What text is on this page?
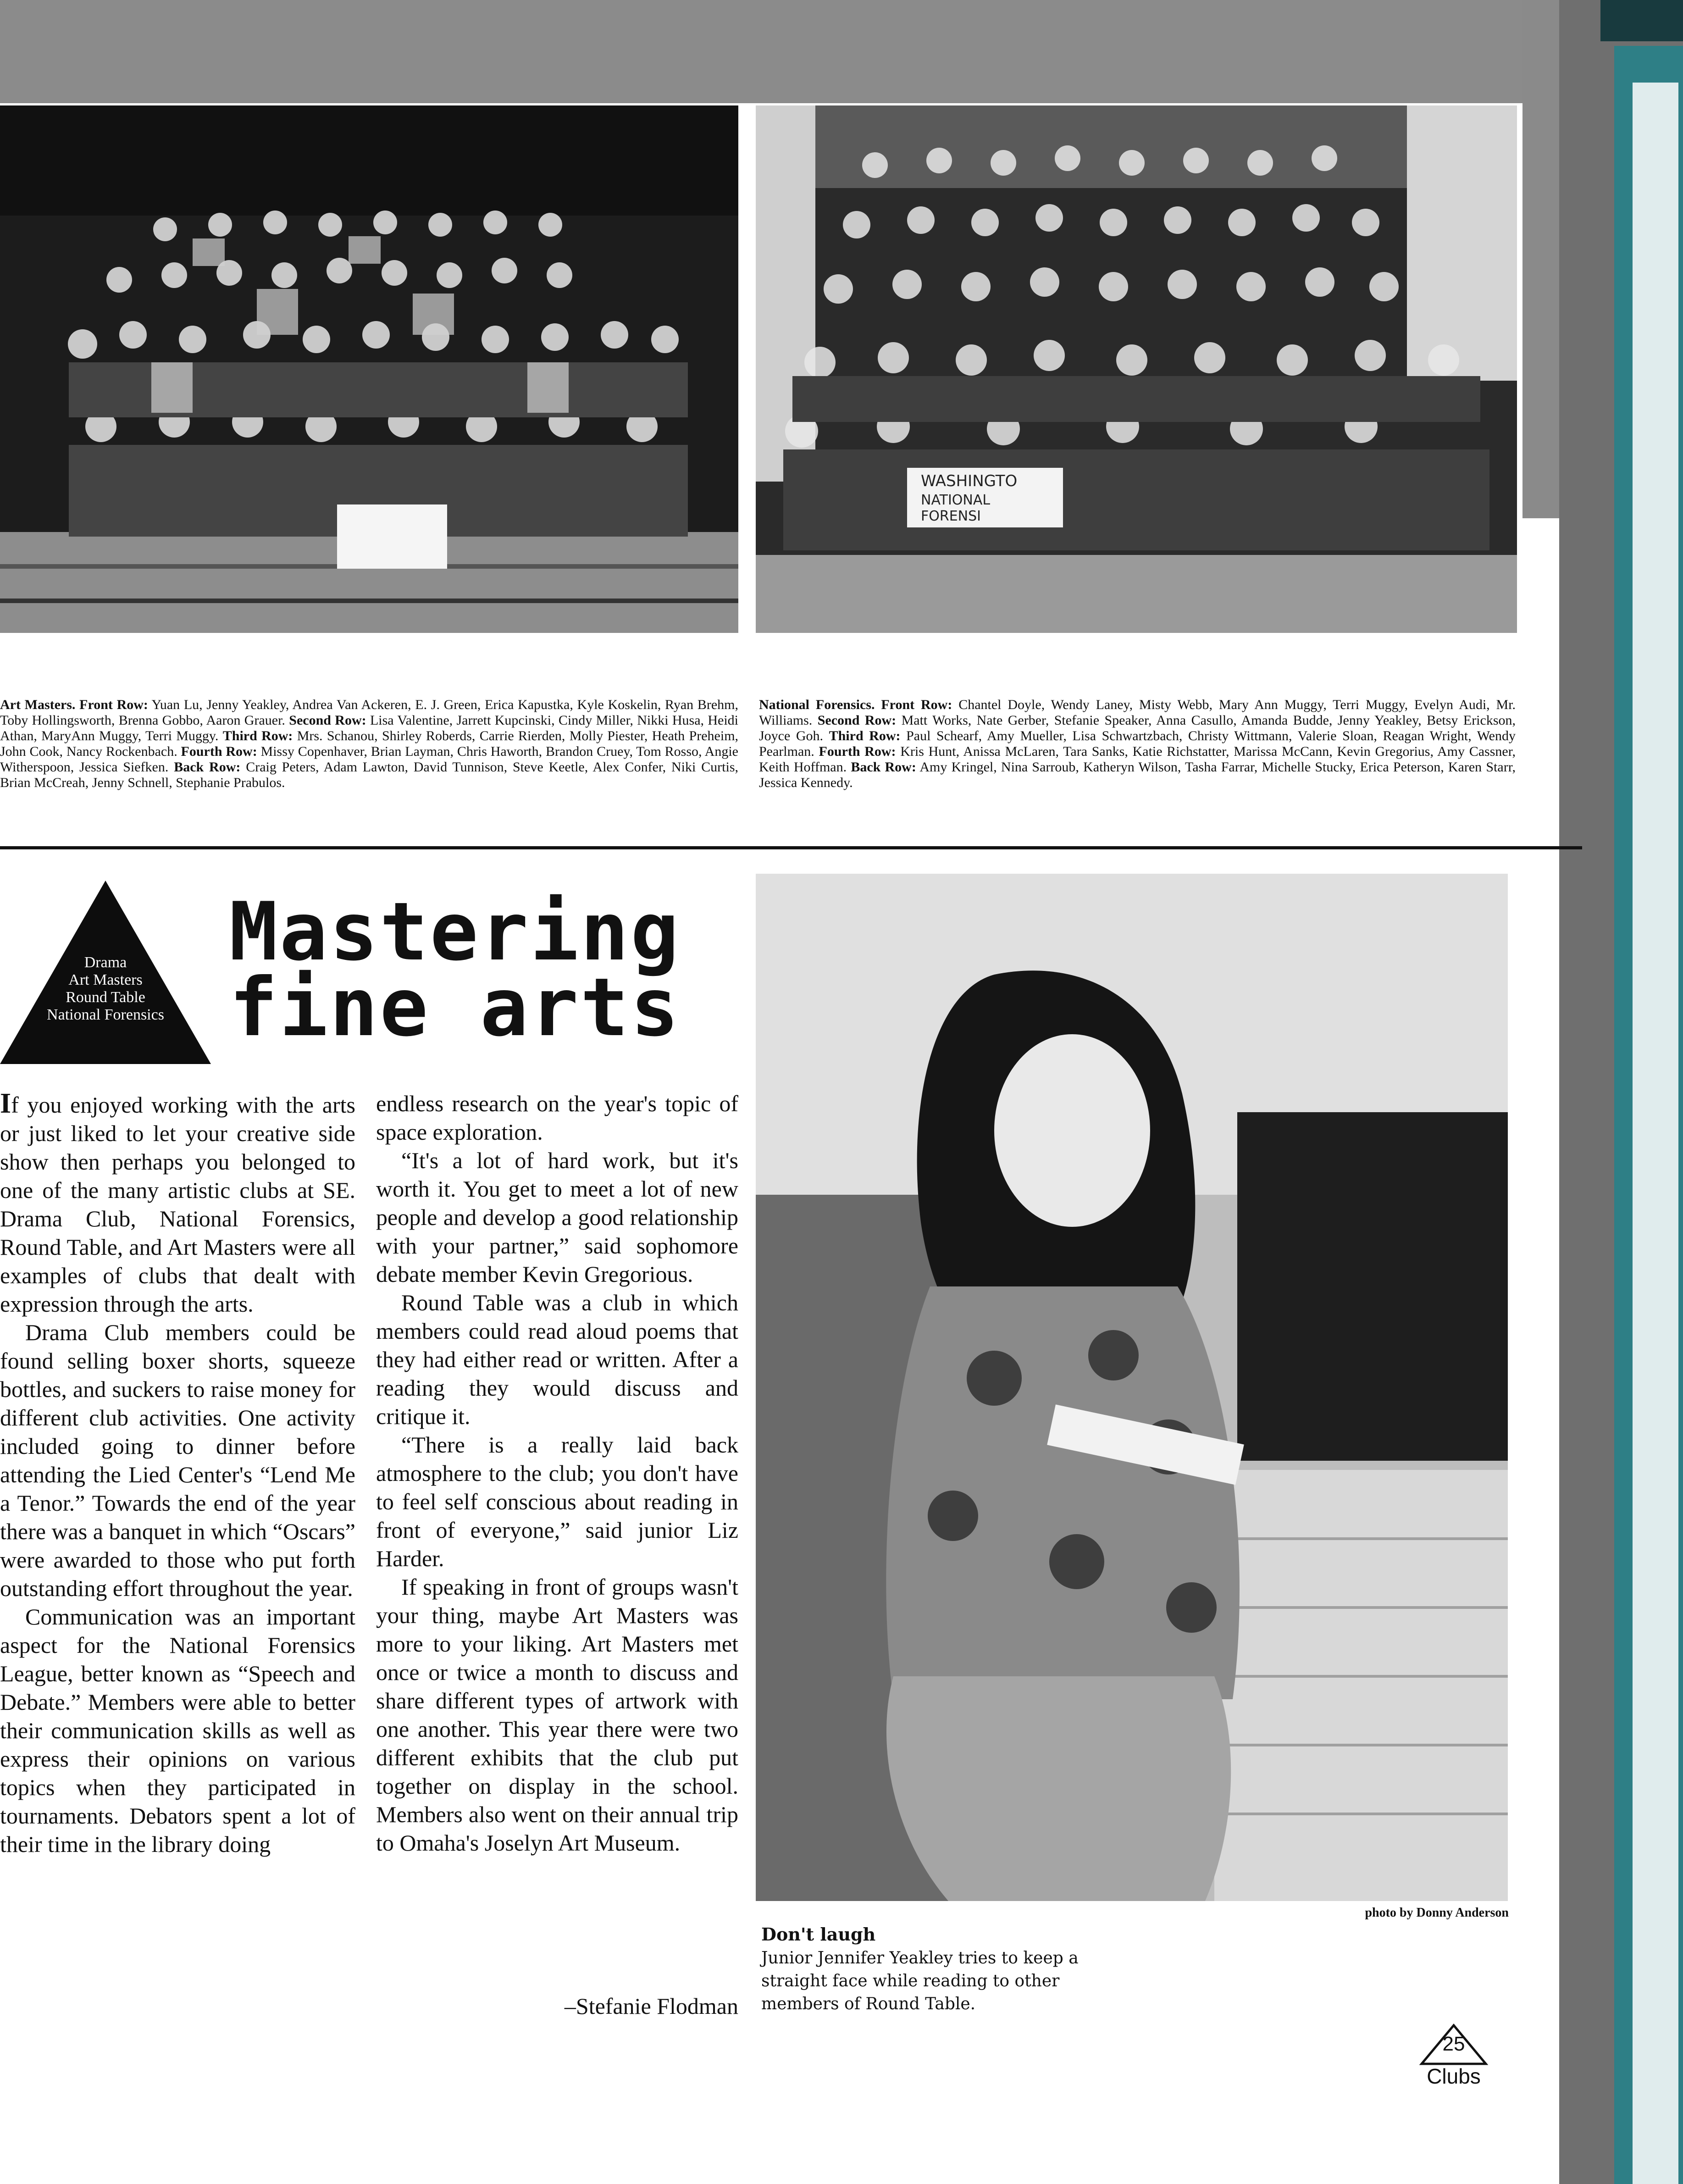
WASHINGTO
NATIONAL
FORENSI
Art Masters. Front Row: Yuan Lu, Jenny Yeakley, Andrea Van Ackeren, E. J. Green, Erica Kapustka, Kyle Koskelin, Ryan Brehm, Toby Hollingsworth, Brenna Gobbo, Aaron Grauer. Second Row: Lisa Valentine, Jarrett Kupcinski, Cindy Miller, Nikki Husa, Heidi Athan, MaryAnn Muggy, Terri Muggy. Third Row: Mrs. Schanou, Shirley Roberds, Carrie Rierden, Molly Piester, Heath Preheim, John Cook, Nancy Rockenbach. Fourth Row: Missy Copenhaver, Brian Layman, Chris Haworth, Brandon Cruey, Tom Rosso, Angie Witherspoon, Jessica Siefken. Back Row: Craig Peters, Adam Lawton, David Tunnison, Steve Keetle, Alex Confer, Niki Curtis, Brian McCreah, Jenny Schnell, Stephanie Prabulos.
National Forensics. Front Row: Chantel Doyle, Wendy Laney, Misty Webb, Mary Ann Muggy, Terri Muggy, Evelyn Audi, Mr. Williams. Second Row: Matt Works, Nate Gerber, Stefanie Speaker, Anna Casullo, Amanda Budde, Jenny Yeakley, Betsy Erickson, Joyce Goh. Third Row: Paul Schearf, Amy Mueller, Lisa Schwartzbach, Christy Wittmann, Valerie Sloan, Reagan Wright, Wendy Pearlman. Fourth Row: Kris Hunt, Anissa McLaren, Tara Sanks, Katie Richstatter, Marissa McCann, Kevin Gregorius, Amy Cassner, Keith Hoffman. Back Row: Amy Kringel, Nina Sarroub, Katheryn Wilson, Tasha Farrar, Michelle Stucky, Erica Peterson, Karen Starr, Jessica Kennedy.
Drama
Art Masters
Round Table
National Forensics
Mastering
fine arts

If you enjoyed working with the arts or just liked to let your creative side show then perhaps you belonged to one of the many artistic clubs at SE. Drama Club, National Forensics, Round Table, and Art Masters were all examples of clubs that dealt with expression through the arts.

Drama Club members could be found selling boxer shorts, squeeze bottles, and suckers to raise money for different club activities. One activity included going to dinner before attending the Lied Center's “Lend Me a Tenor.” Towards the end of the year there was a banquet in which “Oscars” were awarded to those who put forth outstanding effort throughout the year.

Communication was an important aspect for the National Forensics League, better known as “Speech and Debate.” Members were able to better their communication skills as well as express their opinions on various topics when they participated in tournaments. Debators spent a lot of their time in the library doing

endless research on the year's topic of space exploration.

“It's a lot of hard work, but it's worth it. You get to meet a lot of new people and develop a good relationship with your partner,” said sophomore debate member Kevin Gregorious.

Round Table was a club in which members could read aloud poems that they had either read or written. After a reading they would discuss and critique it.

“There is a really laid back atmosphere to the club; you don't have to feel self conscious about reading in front of everyone,” said junior Liz Harder.

If speaking in front of groups wasn't your thing, maybe Art Masters was more to your liking. Art Masters met once or twice a month to discuss and share different types of artwork with one another. This year there were two different exhibits that the club put together on display in the school. Members also went on their annual trip to Omaha's Joselyn Art Museum.

–Stefanie Flodman
photo by Donny Anderson
Don't laugh
Junior Jennifer Yeakley tries to keep a straight face while reading to other members of Round Table.
25
Clubs
